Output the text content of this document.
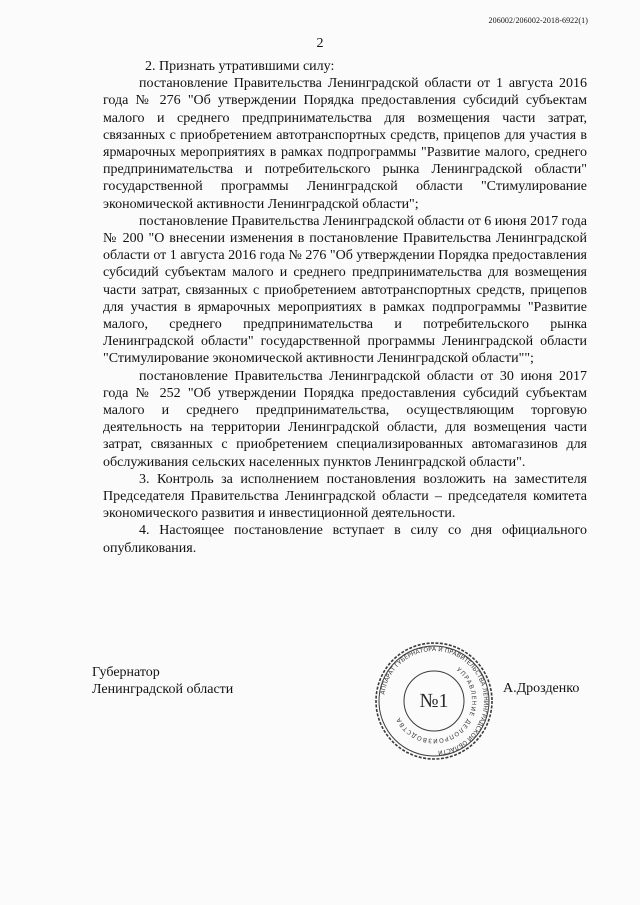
206002/206002-2018-6922(1)
2

2. Признать утратившими силу:

постановление Правительства Ленинградской области от 1 августа 2016 года № 276 "Об утверждении Порядка предоставления субсидий субъектам малого и среднего предпринимательства для возмещения части затрат, связанных с приобретением автотранспортных средств, прицепов для участия в ярмарочных мероприятиях в рамках подпрограммы "Развитие малого, среднего предпринимательства и потребительского рынка Ленинградской области" государственной программы Ленинградской области "Стимулирование экономической активности Ленинградской области";

постановление Правительства Ленинградской области от 6 июня 2017 года № 200 "О внесении изменения в постановление Правительства Ленинградской области от 1 августа 2016 года № 276 "Об утверждении Порядка предоставления субсидий субъектам малого и среднего предпринимательства для возмещения части затрат, связанных с приобретением автотранспортных средств, прицепов для участия в ярмарочных мероприятиях в рамках подпрограммы "Развитие малого, среднего предпринимательства и потребительского рынка Ленинградской области" государственной программы Ленинградской области "Стимулирование экономической активности Ленинградской области"";

постановление Правительства Ленинградской области от 30 июня 2017 года № 252 "Об утверждении Порядка предоставления субсидий субъектам малого и среднего предпринимательства, осуществляющим торговую деятельность на территории Ленинградской области, для возмещения части затрат, связанных с приобретением специализированных автомагазинов для обслуживания сельских населенных пунктов Ленинградской области".

3. Контроль за исполнением постановления возложить на заместителя Председателя Правительства Ленинградской области – председателя комитета экономического развития и инвестиционной деятельности.

4. Настоящее постановление вступает в силу со дня официального опубликования.

Губернатор
Ленинградской области	АППАРАТ ГУБЕРНАТОРА И ПРАВИТЕЛЬСТВА ЛЕНИНГРАДСКОЙ ОБЛАСТИ
УПРАВЛЕНИЕ ДЕЛОПРОИЗВОДСТВА
№1
А.Дрозденко
